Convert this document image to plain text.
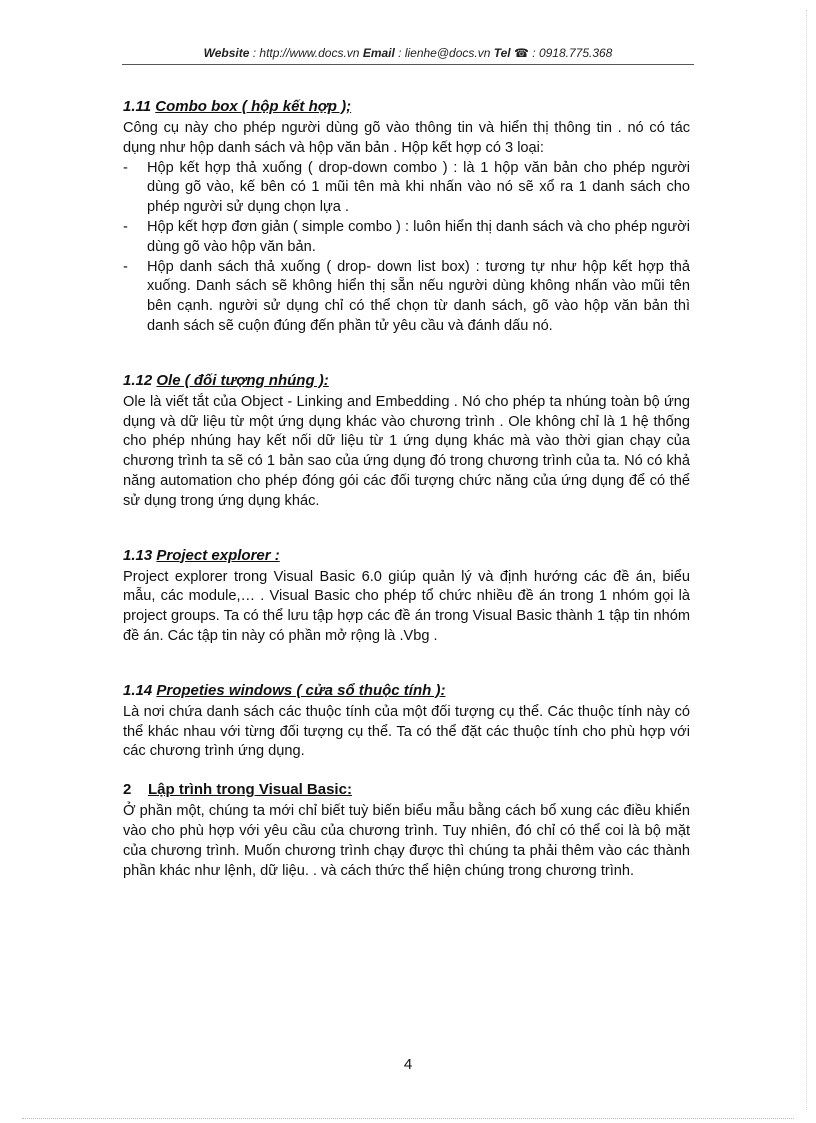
Website : http://www.docs.vn Email : lienhe@docs.vn Tel ☎ : 0918.775.368
1.11 Combo box ( hộp kết hợp );

Công cụ này cho phép người dùng gõ vào thông tin và hiển thị thông tin . nó có tác dụng như hộp danh sách và hộp văn bản . Hộp kết hợp có 3 loại:

- Hộp kết hợp thả xuống ( drop-down combo ) : là 1 hộp văn bản cho phép người dùng gõ vào, kế bên có 1 mũi tên mà khi nhấn vào nó sẽ xổ ra 1 danh sách cho phép người sử dụng chọn lựa .
- Hộp kết hợp đơn giản ( simple combo ) : luôn hiển thị danh sách và cho phép người dùng gõ vào hộp văn bản.
- Hộp danh sách thả xuống ( drop- down list box) : tương tự như hộp kết hợp thả xuống. Danh sách sẽ không hiển thị sẵn nếu người dùng không nhấn vào mũi tên bên cạnh. người sử dụng chỉ có thể chọn từ danh sách, gõ vào hộp văn bản thì danh sách sẽ cuộn đúng đến phần tử yêu cầu và đánh dấu nó.
1.12 Ole ( đối tượng nhúng ):

Ole là viết tắt của Object - Linking and Embedding . Nó cho phép ta nhúng toàn bộ ứng dụng và dữ liệu từ một ứng dụng khác vào chương trình . Ole không chỉ là 1 hệ thống cho phép nhúng hay kết nối dữ liệu từ 1 ứng dụng khác mà vào thời gian chạy của chương trình ta sẽ có 1 bản sao của ứng dụng đó trong chương trình của ta. Nó có khả năng automation cho phép đóng gói các đối tượng chức năng của ứng dụng để có thể sử dụng trong ứng dụng khác.

1.13 Project explorer :

Project explorer trong Visual Basic 6.0 giúp quản lý và định hướng các đề án, biểu mẫu, các module,… . Visual Basic cho phép tổ chức nhiều đề án trong 1 nhóm gọi là project groups. Ta có thể lưu tập hợp các đề án trong Visual Basic thành 1 tập tin nhóm đề án. Các tập tin này có phần mở rộng là .Vbg .

1.14 Propeties windows ( cửa sổ thuộc tính ):

Là nơi chứa danh sách các thuộc tính của một đối tượng cụ thể. Các thuộc tính này có thể khác nhau với từng đối tượng cụ thể. Ta có thể đặt các thuộc tính cho phù hợp với các chương trình ứng dụng.

2    Lập trình trong Visual Basic:

Ở phần một, chúng ta mới chỉ biết tuỳ biến biểu mẫu bằng cách bổ xung các điều khiển vào cho phù hợp với yêu cầu của chương trình. Tuy nhiên, đó chỉ có thể coi là bộ mặt của chương trình. Muốn chương trình chạy được thì chúng ta phải thêm vào các thành phần khác như lệnh, dữ liệu. . và cách thức thể hiện chúng trong chương trình.

4
